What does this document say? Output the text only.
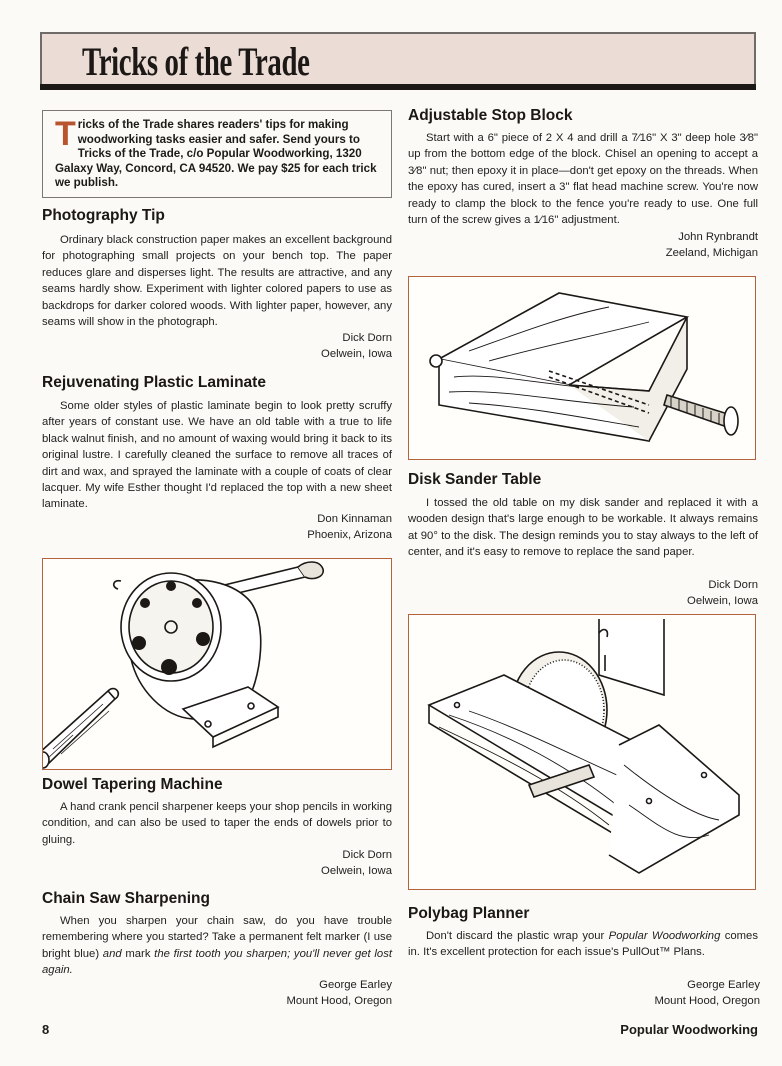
Tricks of the Trade
T ricks of the Trade shares readers' tips for making woodworking tasks easier and safer. Send yours to Tricks of the Trade, c/o Popular Woodworking, 1320 Galaxy Way, Concord, CA 94520. We pay $25 for each trick we publish.

Photography Tip

Ordinary black construction paper makes an excellent background for photographing small projects on your bench top. The paper reduces glare and disperses light. The results are attractive, and any seams hardly show. Experiment with lighter colored papers to use as backdrops for darker colored woods. With lighter paper, however, any seams will show in the photograph.

Dick Dorn
Oelwein, Iowa
Rejuvenating Plastic Laminate

Some older styles of plastic laminate begin to look pretty scruffy after years of constant use. We have an old table with a true to life black walnut finish, and no amount of waxing would bring it back to its original lustre. I carefully cleaned the surface to remove all traces of dirt and wax, and sprayed the laminate with a couple of coats of clear lacquer. My wife Esther thought I'd replaced the top with a new sheet laminate.

Don Kinnaman
Phoenix, Arizona
Dowel Tapering Machine

A hand crank pencil sharpener keeps your shop pencils in working condition, and can also be used to taper the ends of dowels prior to gluing.

Dick Dorn
Oelwein, Iowa
Chain Saw Sharpening

When you sharpen your chain saw, do you have trouble remembering where you started? Take a permanent felt marker (I use bright blue) and mark the first tooth you sharpen; you'll never get lost again.

George Earley
Mount Hood, Oregon
Adjustable Stop Block

Start with a 6" piece of 2 X 4 and drill a 7⁄16" X 3" deep hole 3⁄8" up from the bottom edge of the block. Chisel an opening to accept a 3⁄8" nut; then epoxy it in place—don't get epoxy on the threads. When the epoxy has cured, insert a 3" flat head machine screw. You're now ready to clamp the block to the fence you're ready to use. One full turn of the screw gives a 1⁄16" adjustment.

John Rynbrandt
Zeeland, Michigan
Disk Sander Table

I tossed the old table on my disk sander and replaced it with a wooden design that's large enough to be workable. It always remains at 90° to the disk. The design reminds you to stay always to the left of center, and it's easy to remove to replace the sand paper.

Dick Dorn
Oelwein, Iowa
Polybag Planner

Don't discard the plastic wrap your Popular Woodworking comes in. It's excellent protection for each issue's PullOut™ Plans.

George Earley
Mount Hood, Oregon
8	Popular Woodworking
